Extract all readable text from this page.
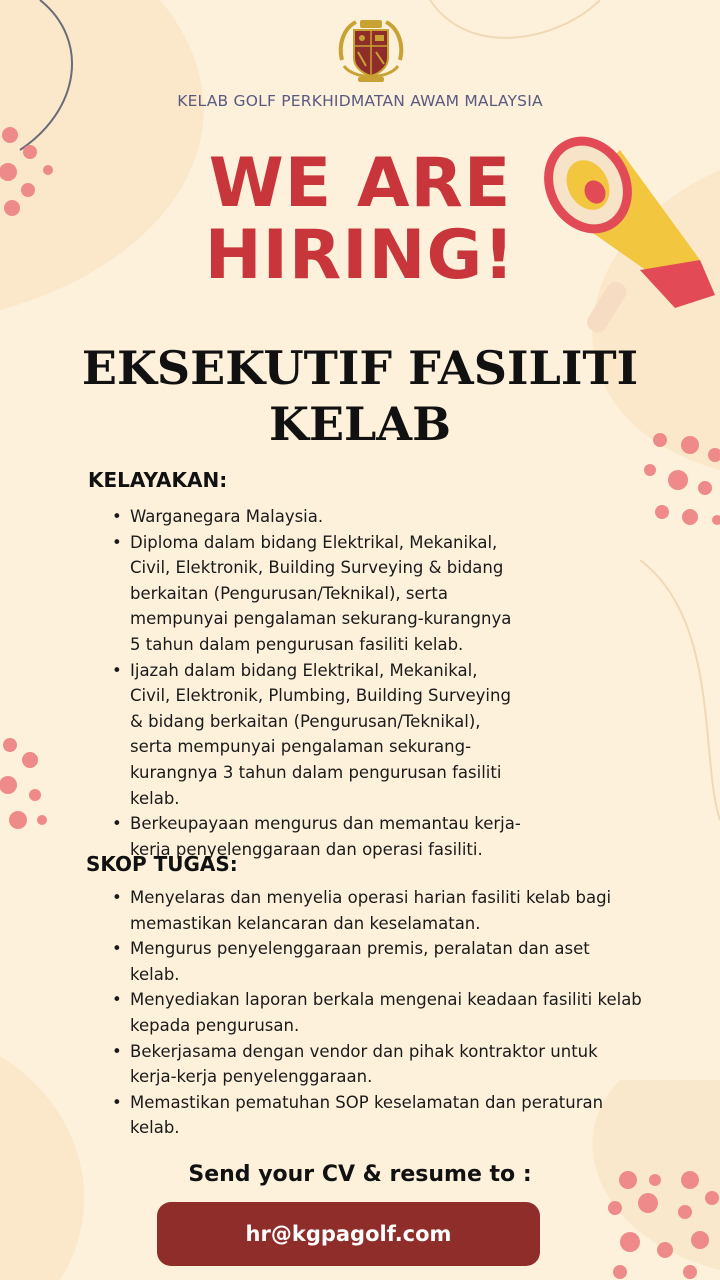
KELAB GOLF PERKHIDMATAN AWAM MALAYSIA
WE ARE
HIRING!
EKSEKUTIF FASILITI
KELAB
KELAYAKAN:
• Warganegara Malaysia.
• Diploma dalam bidang Elektrikal, Mekanikal, Civil, Elektronik, Building Surveying & bidang berkaitan (Pengurusan/Teknikal), serta mempunyai pengalaman sekurang-kurangnya 5 tahun dalam pengurusan fasiliti kelab.
• Ijazah dalam bidang Elektrikal, Mekanikal, Civil, Elektronik, Plumbing, Building Surveying & bidang berkaitan (Pengurusan/Teknikal), serta mempunyai pengalaman sekurang-kurangnya 3 tahun dalam pengurusan fasiliti kelab.
• Berkeupayaan mengurus dan memantau kerja-kerja penyelenggaraan dan operasi fasiliti.
SKOP TUGAS:
• Menyelaras dan menyelia operasi harian fasiliti kelab bagi memastikan kelancaran dan keselamatan.
• Mengurus penyelenggaraan premis, peralatan dan aset kelab.
• Menyediakan laporan berkala mengenai keadaan fasiliti kelab kepada pengurusan.
• Bekerjasama dengan vendor dan pihak kontraktor untuk kerja-kerja penyelenggaraan.
• Memastikan pematuhan SOP keselamatan dan peraturan kelab.
Send your CV & resume to :
hr@kgpagolf.com
